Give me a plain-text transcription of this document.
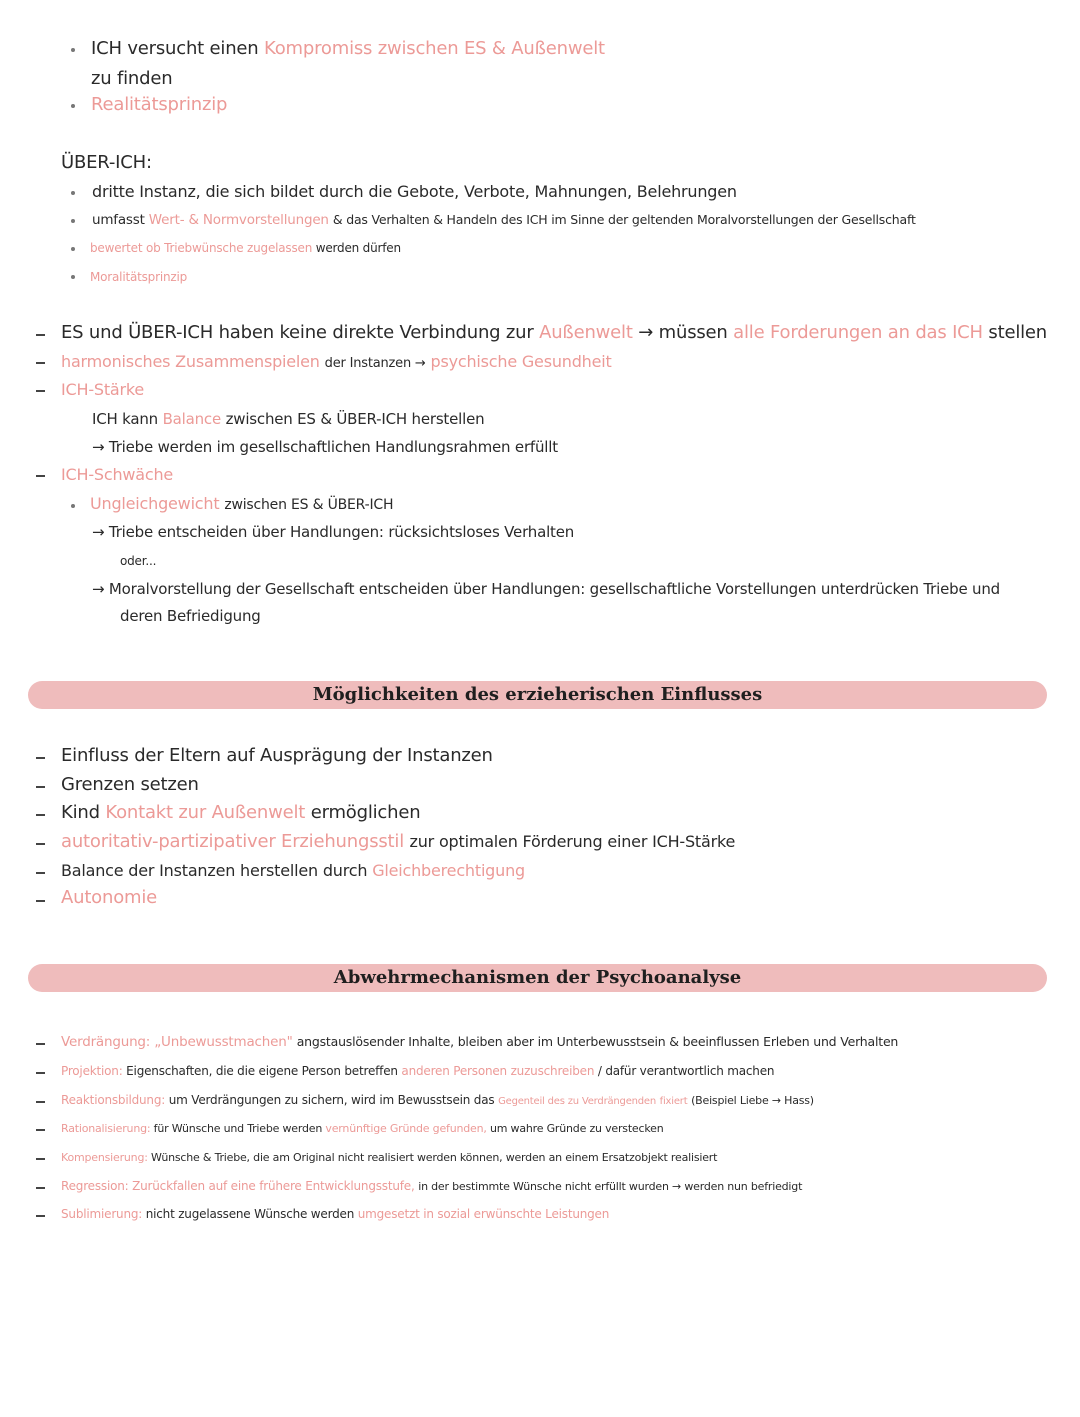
ICH versucht einen Kompromiss zwischen ES & Außenwelt
zu finden
Realitätsprinzip
ÜBER-ICH:
dritte Instanz, die sich bildet durch die Gebote, Verbote, Mahnungen, Belehrungen
umfasst Wert- & Normvorstellungen & das Verhalten & Handeln des ICH im Sinne der geltenden Moralvorstellungen der Gesellschaft
bewertet ob Triebwünsche zugelassen werden dürfen
Moralitätsprinzip
ES und ÜBER-ICH haben keine direkte Verbindung zur Außenwelt → müssen alle Forderungen an das ICH stellen
harmonisches Zusammenspielen der Instanzen → psychische Gesundheit
ICH-Stärke
ICH kann Balance zwischen ES & ÜBER-ICH herstellen
→ Triebe werden im gesellschaftlichen Handlungsrahmen erfüllt
ICH-Schwäche
Ungleichgewicht zwischen ES & ÜBER-ICH
→ Triebe entscheiden über Handlungen: rücksichtsloses Verhalten
oder...
→ Moralvorstellung der Gesellschaft entscheiden über Handlungen: gesellschaftliche Vorstellungen unterdrücken Triebe und
deren Befriedigung
Möglichkeiten des erzieherischen Einflusses
Einfluss der Eltern auf Ausprägung der Instanzen
Grenzen setzen
Kind Kontakt zur Außenwelt ermöglichen
autoritativ-partizipativer Erziehungsstil zur optimalen Förderung einer ICH-Stärke
Balance der Instanzen herstellen durch Gleichberechtigung
Autonomie
Abwehrmechanismen der Psychoanalyse
Verdrängung: „Unbewusstmachen" angstauslösender Inhalte, bleiben aber im Unterbewusstsein & beeinflussen Erleben und Verhalten
Projektion: Eigenschaften, die die eigene Person betreffen anderen Personen zuzuschreiben / dafür verantwortlich machen
Reaktionsbildung: um Verdrängungen zu sichern, wird im Bewusstsein das Gegenteil des zu Verdrängenden fixiert (Beispiel Liebe → Hass)
Rationalisierung: für Wünsche und Triebe werden vernünftige Gründe gefunden, um wahre Gründe zu verstecken
Kompensierung: Wünsche & Triebe, die am Original nicht realisiert werden können, werden an einem Ersatzobjekt realisiert
Regression: Zurückfallen auf eine frühere Entwicklungsstufe, in der bestimmte Wünsche nicht erfüllt wurden → werden nun befriedigt
Sublimierung: nicht zugelassene Wünsche werden umgesetzt in sozial erwünschte Leistungen
